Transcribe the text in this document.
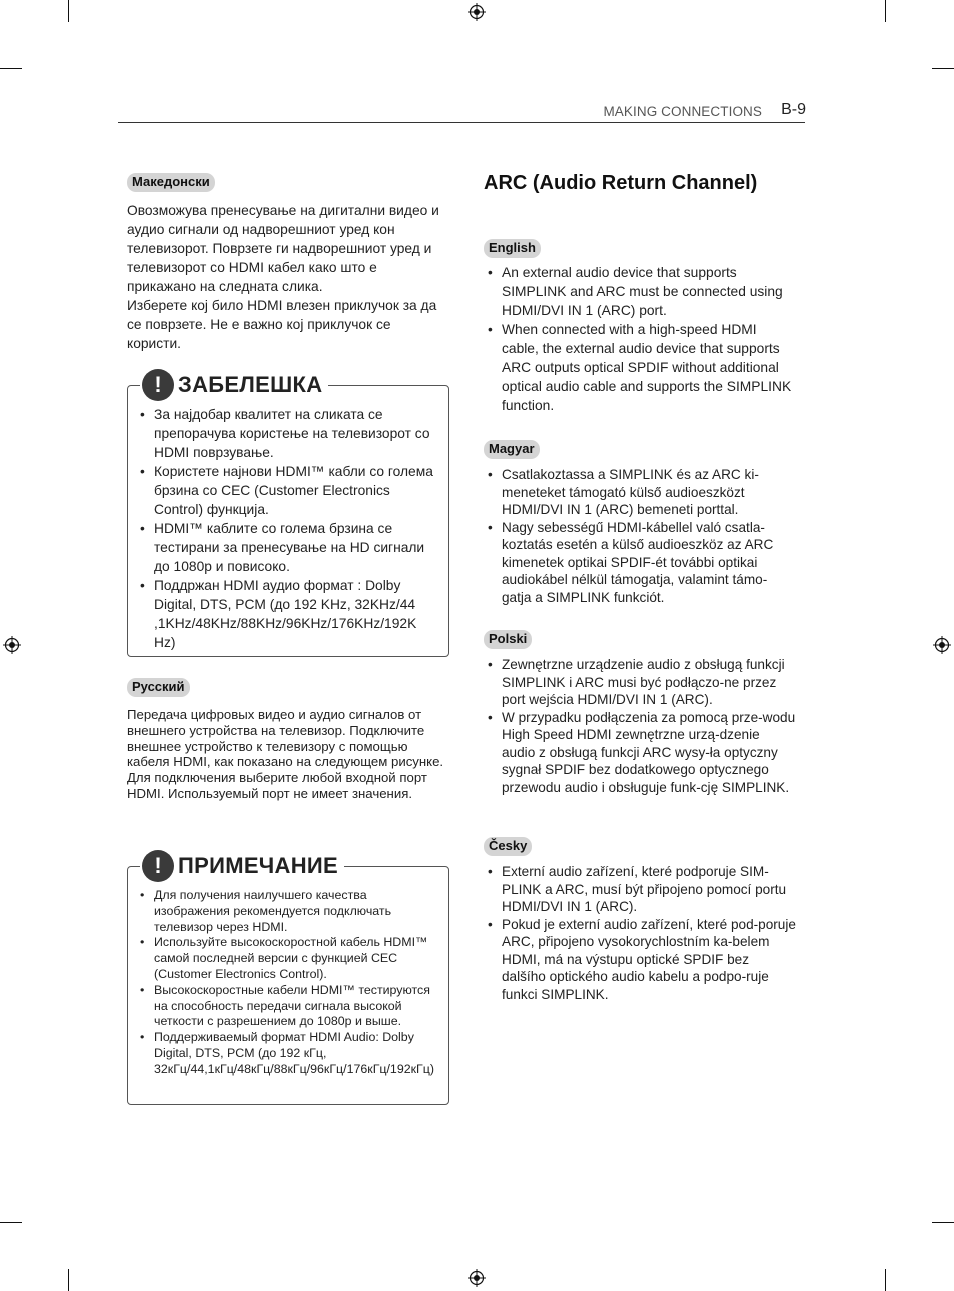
MAKING CONNECTIONS	B-9
Македонски

Овозможува пренесување на дигитални видео и аудио сигнали од надворешниот уред кон телевизорот. Поврзете ги надворешниот уред и телевизорот со HDMI кабел како што е прикажано на следната слика.

Изберете кој било HDMI влезен приклучок за да се поврзете. Не е важно кој приклучок се користи.

! ЗАБЕЛЕШКА
• За најдобар квалитет на сликата се препорачува користење на телевизорот со HDMI поврзување.
• Користете најнови HDMI™ кабли со голема брзина со CEC (Customer Electronics Control) функција.
• HDMI™ каблите со голема брзина се тестирани за пренесување на HD сигнали до 1080p и повисоко.
• Поддржан HDMI аудио формат : Dolby Digital, DTS, PCM (до 192 KHz, 32KHz/44 ,1KHz/48KHz/88KHz/96KHz/176KHz/192K Hz)
Русский

Передача цифровых видео и аудио сигналов от внешнего устройства на телевизор. Подключите внешнее устройство к телевизору с помощью кабеля HDMI, как показано на следующем рисунке.

Для подключения выберите любой входной порт HDMI. Используемый порт не имеет значения.

! ПРИМЕЧАНИЕ
• Для получения наилучшего качества изображения рекомендуется подключать телевизор через HDMI.
• Используйте высокоскоростной кабель HDMI™ самой последней версии с функцией CEC (Customer Electronics Control).
• Высокоскоростные кабели HDMI™ тестируются на способность передачи сигнала высокой четкости с разрешением до 1080p и выше.
• Поддерживаемый формат HDMI Audio: Dolby Digital, DTS, PCM (до 192 кГц, 32кГц/44,1кГц/48кГц/88кГц/96кГц/176кГц/192кГц)
ARC (Audio Return Channel)
English
• An external audio device that supports SIMPLINK and ARC must be connected using HDMI/DVI IN 1 (ARC) port.
• When connected with a high-speed HDMI cable, the external audio device that supports ARC outputs optical SPDIF without additional optical audio cable and supports the SIMPLINK function.
Magyar
• Csatlakoztassa a SIMPLINK és az ARC ki-meneteket támogató külső audioeszközt HDMI/DVI IN 1 (ARC) bemeneti porttal.
• Nagy sebességű HDMI-kábellel való csatla-koztatás esetén a külső audioeszköz az ARC kimenetek optikai SPDIF-ét további optikai audiokábel nélkül támogatja, valamint támo-gatja a SIMPLINK funkciót.
Polski
• Zewnętrzne urządzenie audio z obsługą funkcji SIMPLINK i ARC musi być podłączo-ne przez port wejścia HDMI/DVI IN 1 (ARC).
• W przypadku podłączenia za pomocą prze-wodu High Speed HDMI zewnętrzne urzą-dzenie audio z obsługą funkcji ARC wysy-ła optyczny sygnał SPDIF bez dodatkowego optycznego przewodu audio i obsługuje funk-cję SIMPLINK.
Česky
• Externí audio zařízení, které podporuje SIM-PLINK a ARC, musí být připojeno pomocí portu HDMI/DVI IN 1 (ARC).
• Pokud je externí audio zařízení, které pod-poruje ARC, připojeno vysokorychlostním ka-belem HDMI, má na výstupu optické SPDIF bez dalšího optického audio kabelu a podpo-ruje funkci SIMPLINK.
